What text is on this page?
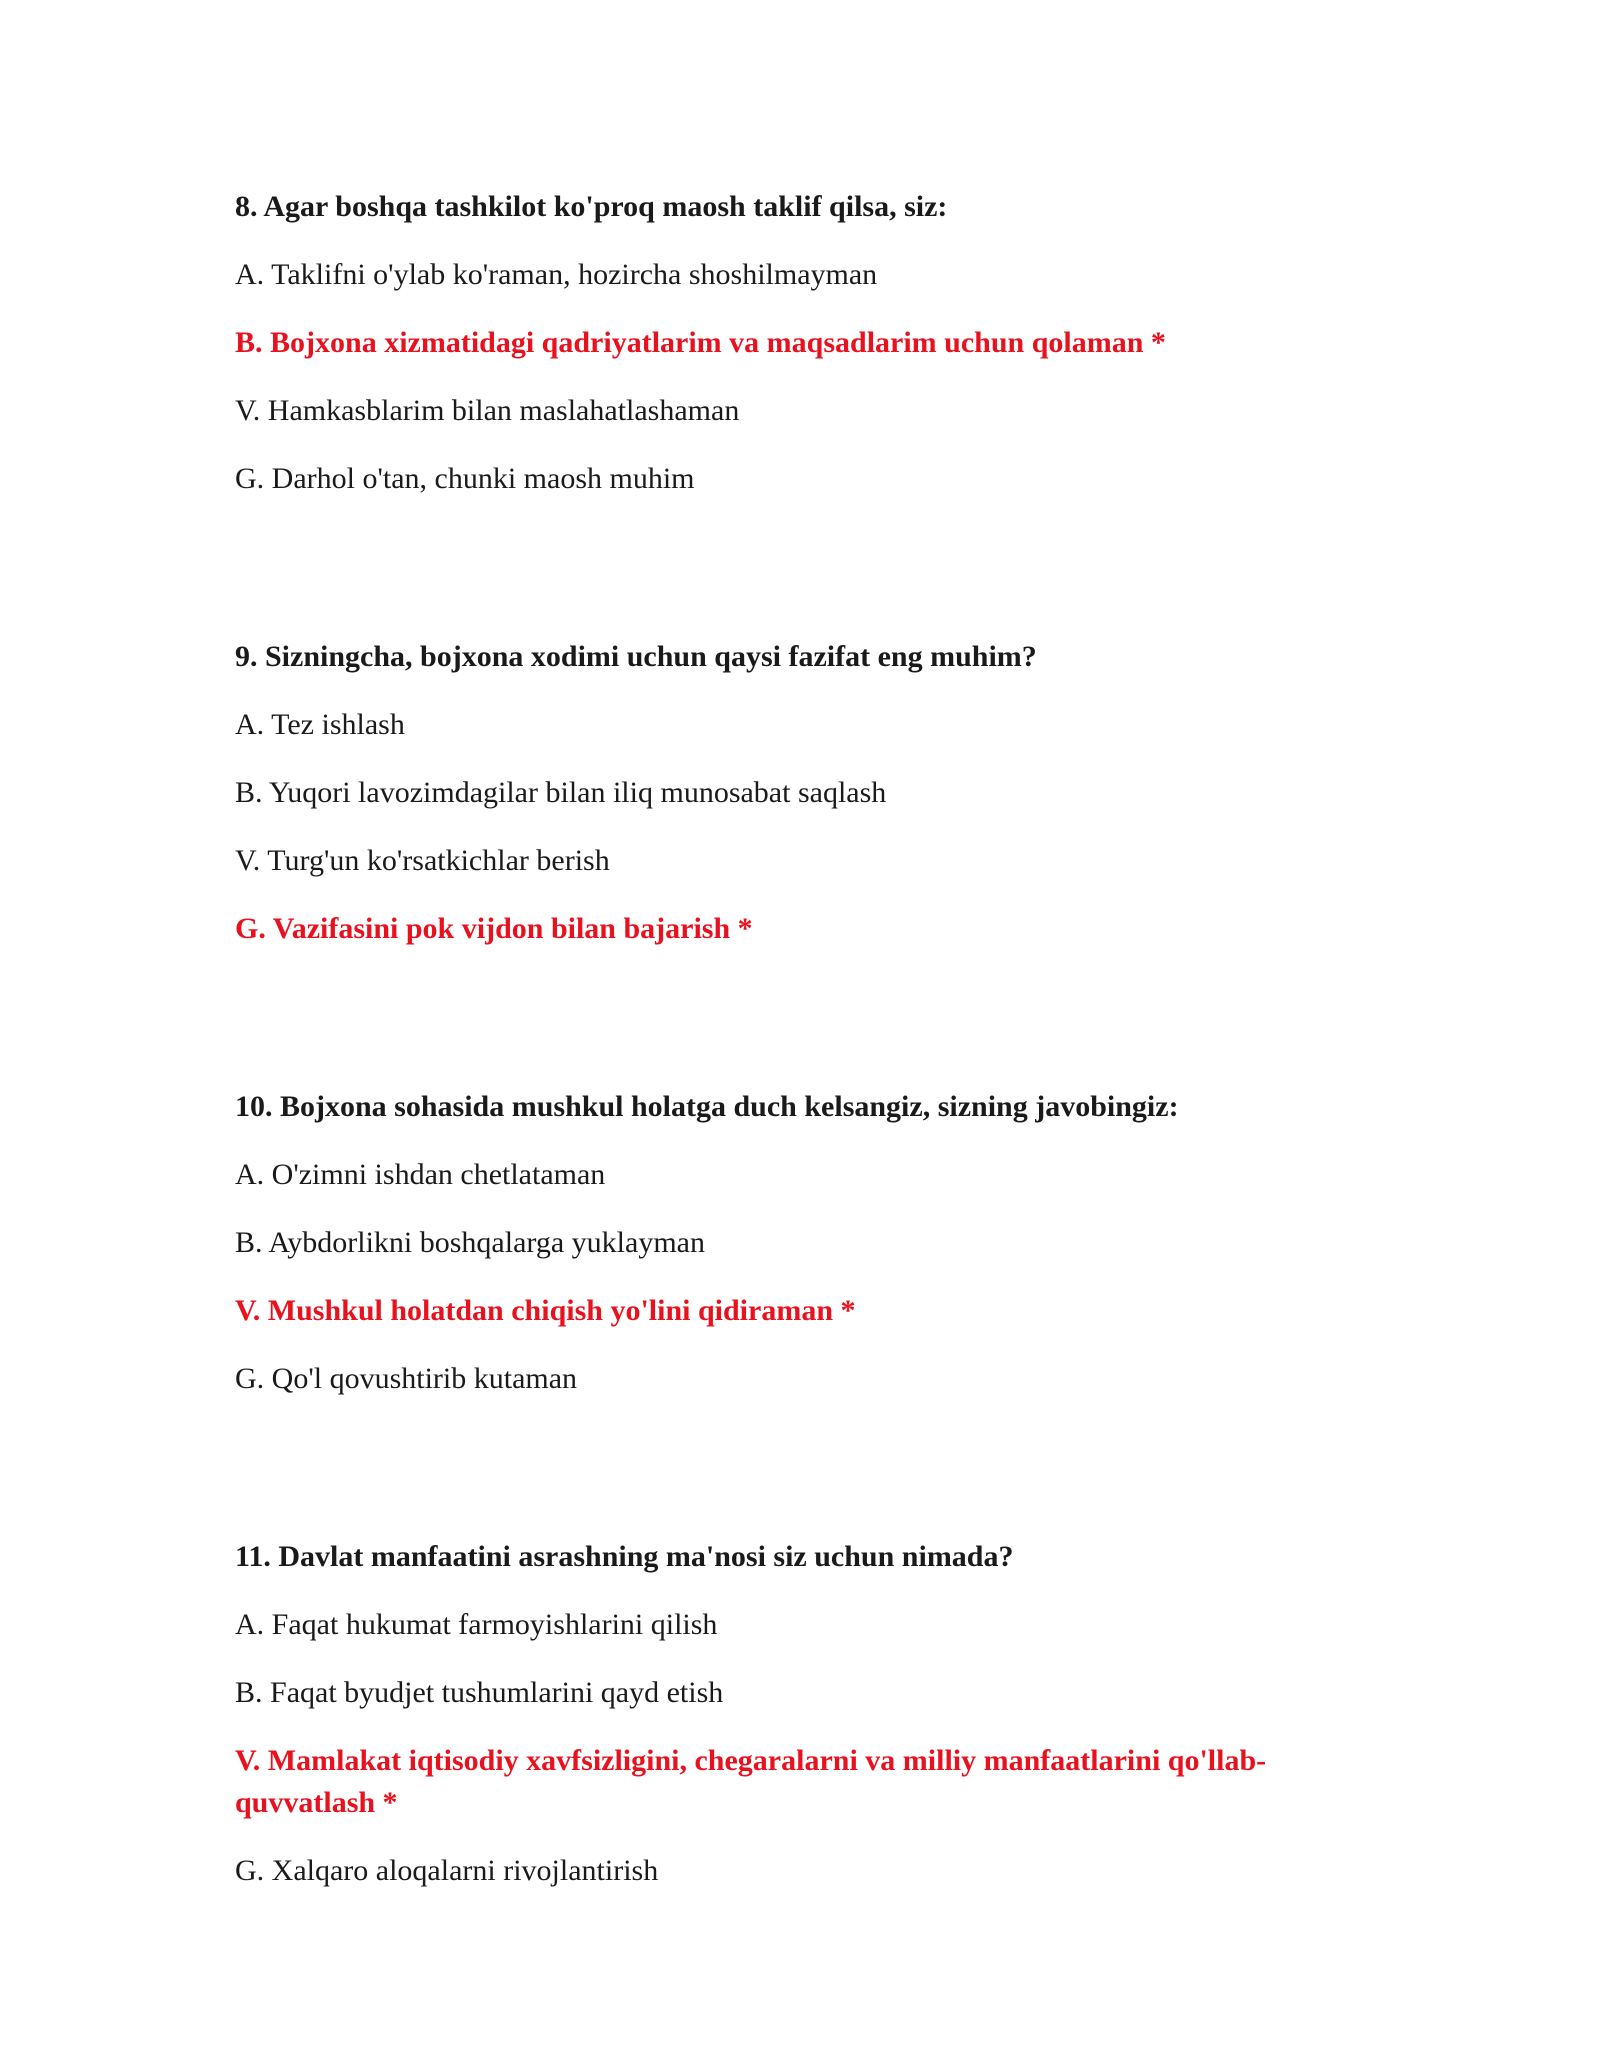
8. Agar boshqa tashkilot ko'proq maosh taklif qilsa, siz:
A. Taklifni o'ylab ko'raman, hozircha shoshilmayman
B. Bojxona xizmatidagi qadriyatlarim va maqsadlarim uchun qolaman *
V. Hamkasblarim bilan maslahatlashaman
G. Darhol o'tan, chunki maosh muhim
9. Sizningcha, bojxona xodimi uchun qaysi fazifat eng muhim?
A. Tez ishlash
B. Yuqori lavozimdagilar bilan iliq munosabat saqlash
V. Turg'un ko'rsatkichlar berish
G. Vazifasini pok vijdon bilan bajarish *
10. Bojxona sohasida mushkul holatga duch kelsangiz, sizning javobingiz:
A. O'zimni ishdan chetlataman
B. Aybdorlikni boshqalarga yuklayman
V. Mushkul holatdan chiqish yo'lini qidiraman *
G. Qo'l qovushtirib kutaman
11. Davlat manfaatini asrashning ma'nosi siz uchun nimada?
A. Faqat hukumat farmoyishlarini qilish
B. Faqat byudjet tushumlarini qayd etish
V. Mamlakat iqtisodiy xavfsizligini, chegaralarni va milliy manfaatlarini qo'llab-quvvatlash *
G. Xalqaro aloqalarni rivojlantirish
